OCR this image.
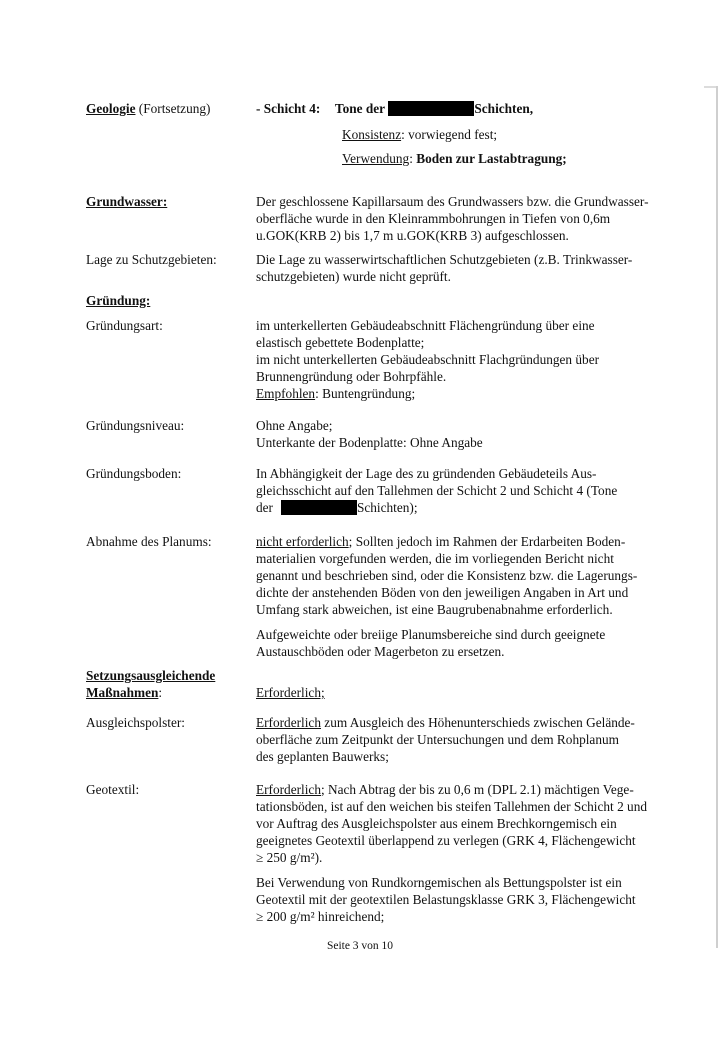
Geologie (Fortsetzung)	- Schicht 4: Tone der	Schichten,
Konsistenz: vorwiegend fest;
Verwendung: Boden zur Lastabtragung;
Grundwasser:	Der geschlossene Kapillarsaum des Grundwassers bzw. die Grundwasser-

oberfläche wurde in den Kleinrammbohrungen in Tiefen von 0,6m

u.GOK(KRB 2) bis 1,7 m u.GOK(KRB 3) aufgeschlossen.

Lage zu Schutzgebieten:	Die Lage zu wasserwirtschaftlichen Schutzgebieten (z.B. Trinkwasser-

schutzgebieten) wurde nicht geprüft.

Gründung:
Gründungsart:	im unterkellerten Gebäudeabschnitt Flächengründung über eine

elastisch gebettete Bodenplatte;

im nicht unterkellerten Gebäudeabschnitt Flachgründungen über

Brunnengründung oder Bohrpfähle.

Empfohlen: Buntengründung;

Gründungsniveau:	Ohne Angabe;

Unterkante der Bodenplatte: Ohne Angabe

Gründungsboden:	In Abhängigkeit der Lage des zu gründenden Gebäudeteils Aus-

gleichsschicht auf den Tallehmen der Schicht 2 und Schicht 4 (Tone

der	Schichten);

Abnahme des Planums:	nicht erforderlich; Sollten jedoch im Rahmen der Erdarbeiten Boden-

materialien vorgefunden werden, die im vorliegenden Bericht nicht

genannt und beschrieben sind, oder die Konsistenz bzw. die Lagerungs-

dichte der anstehenden Böden von den jeweiligen Angaben in Art und

Umfang stark abweichen, ist eine Baugrubenabnahme erforderlich.

Aufgeweichte oder breiige Planumsbereiche sind durch geeignete

Austauschböden oder Magerbeton zu ersetzen.

Setzungsausgleichende

Maßnahmen:	Erforderlich;
Ausgleichspolster:	Erforderlich zum Ausgleich des Höhenunterschieds zwischen Gelände-

oberfläche zum Zeitpunkt der Untersuchungen und dem Rohplanum

des geplanten Bauwerks;

Geotextil:	Erforderlich; Nach Abtrag der bis zu 0,6 m (DPL 2.1) mächtigen Vege-

tationsböden, ist auf den weichen bis steifen Tallehmen der Schicht 2 und

vor Auftrag des Ausgleichspolster aus einem Brechkorngemisch ein

geeignetes Geotextil überlappend zu verlegen (GRK 4, Flächengewicht

≥ 250 g/m²).

Bei Verwendung von Rundkorngemischen als Bettungspolster ist ein

Geotextil mit der geotextilen Belastungsklasse GRK 3, Flächengewicht

≥ 200 g/m² hinreichend;

Seite 3 von 10
